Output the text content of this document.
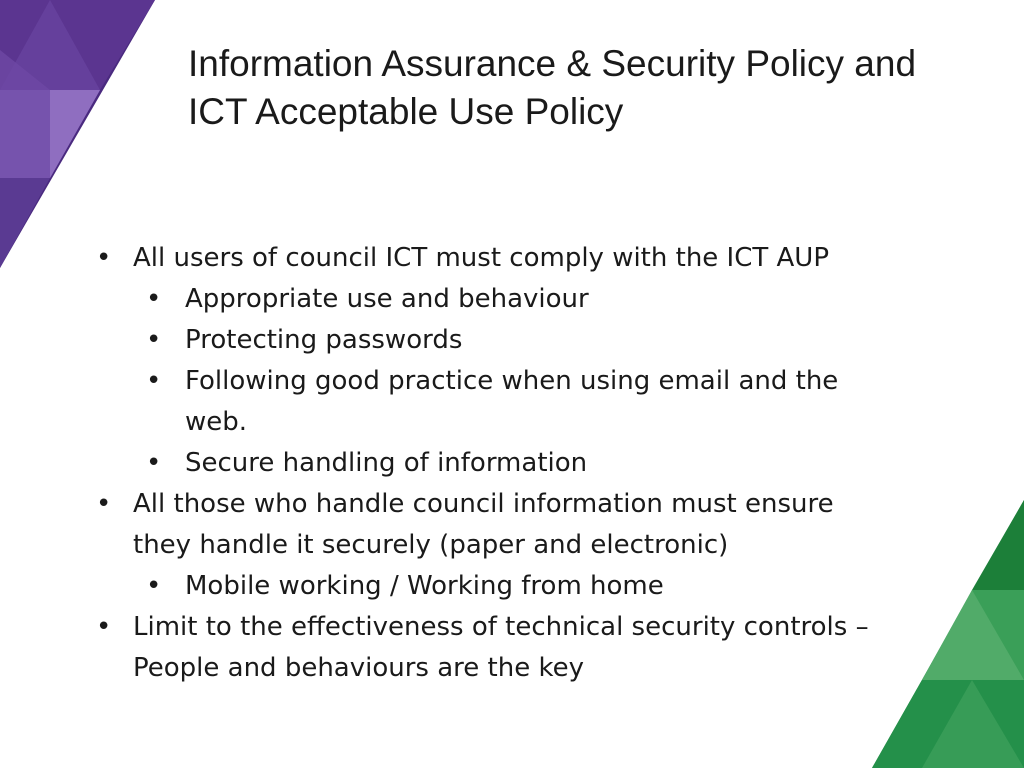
Information Assurance & Security Policy and
ICT Acceptable Use Policy
• All users of council ICT must comply with the ICT AUP
• Appropriate use and behaviour
• Protecting passwords
• Following good practice when using email and the web.
• Secure handling of information
• All those who handle council information must ensure they handle it securely (paper and electronic)
• Mobile working / Working from home
• Limit to the effectiveness of technical security controls – People and behaviours are the key
